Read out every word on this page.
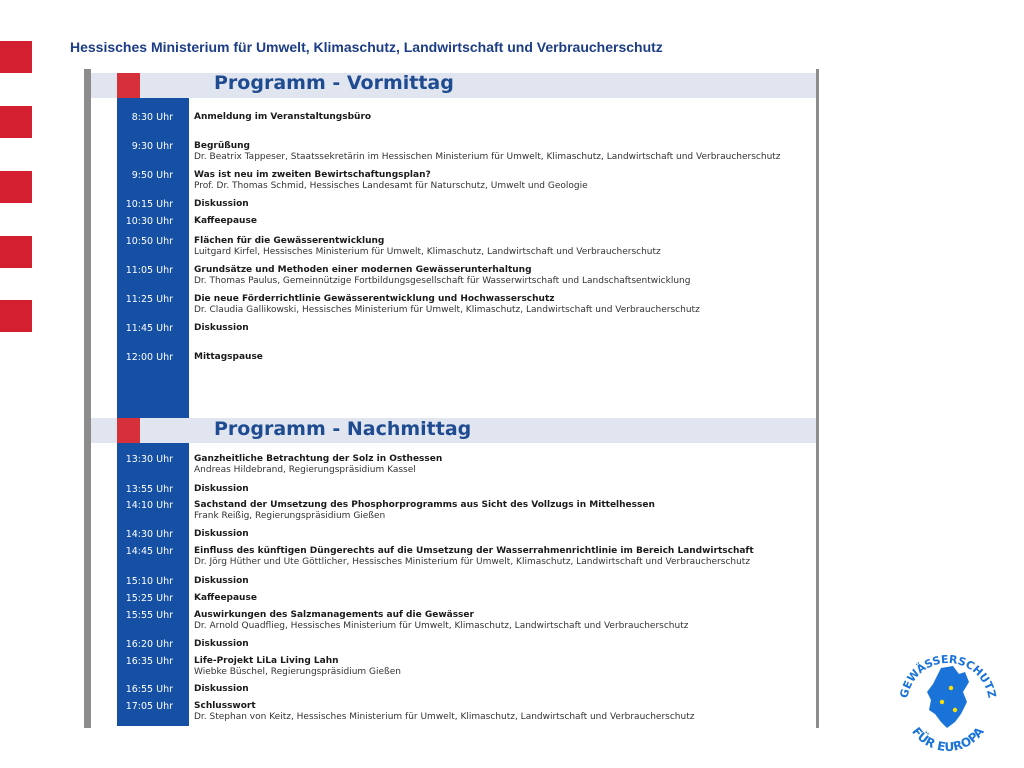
Hessisches Ministerium für Umwelt, Klimaschutz, Landwirtschaft und Verbraucherschutz
Programm - Vormittag
Programm - Nachmittag
8:30 Uhr Anmeldung im Veranstaltungsbüro
9:30 Uhr Begrüßung
Dr. Beatrix Tappeser, Staatssekretärin im Hessischen Ministerium für Umwelt, Klimaschutz, Landwirtschaft und Verbraucherschutz
9:50 Uhr Was ist neu im zweiten Bewirtschaftungsplan?
Prof. Dr. Thomas Schmid, Hessisches Landesamt für Naturschutz, Umwelt und Geologie
10:15 Uhr Diskussion
10:30 Uhr Kaffeepause
10:50 Uhr Flächen für die Gewässerentwicklung
Luitgard Kirfel, Hessisches Ministerium für Umwelt, Klimaschutz, Landwirtschaft und Verbraucherschutz
11:05 Uhr Grundsätze und Methoden einer modernen Gewässerunterhaltung
Dr. Thomas Paulus, Gemeinnützige Fortbildungsgesellschaft für Wasserwirtschaft und Landschaftsentwicklung
11:25 Uhr Die neue Förderrichtlinie Gewässerentwicklung und Hochwasserschutz
Dr. Claudia Gallikowski, Hessisches Ministerium für Umwelt, Klimaschutz, Landwirtschaft und Verbraucherschutz
11:45 Uhr Diskussion
12:00 Uhr Mittagspause
13:30 Uhr Ganzheitliche Betrachtung der Solz in Osthessen
Andreas Hildebrand, Regierungspräsidium Kassel
13:55 Uhr Diskussion
14:10 Uhr Sachstand der Umsetzung des Phosphorprogramms aus Sicht des Vollzugs in Mittelhessen
Frank Reißig, Regierungspräsidium Gießen
14:30 Uhr Diskussion
14:45 Uhr Einfluss des künftigen Düngerechts auf die Umsetzung der Wasserrahmenrichtlinie im Bereich Landwirtschaft
Dr. Jörg Hüther und Ute Göttlicher, Hessisches Ministerium für Umwelt, Klimaschutz, Landwirtschaft und Verbraucherschutz
15:10 Uhr Diskussion
15:25 Uhr Kaffeepause
15:55 Uhr Auswirkungen des Salzmanagements auf die Gewässer
Dr. Arnold Quadflieg, Hessisches Ministerium für Umwelt, Klimaschutz, Landwirtschaft und Verbraucherschutz
16:20 Uhr Diskussion
16:35 Uhr Life-Projekt LiLa Living Lahn
Wiebke Büschel, Regierungspräsidium Gießen
16:55 Uhr Diskussion
17:05 Uhr Schlusswort
Dr. Stephan von Keitz, Hessisches Ministerium für Umwelt, Klimaschutz, Landwirtschaft und Verbraucherschutz
GEWÄSSERSCHUTZ
FÜR EUROPA
